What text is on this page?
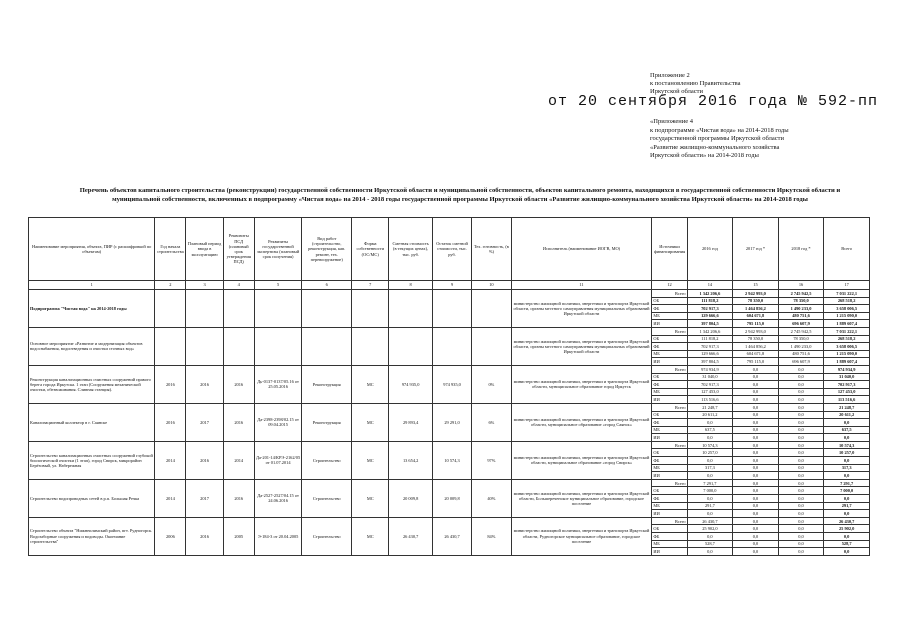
Приложение 2
к постановлению Правительства
Иркутской области
от 20 сентября 2016 года № 592-пп
«Приложение 4
к подпрограмме «Чистая вода» на 2014-2018 годы
государственной программы Иркутской области
«Развитие жилищно-коммунального хозяйства
Иркутской области» на 2014-2018 годы
Перечень объектов капитального строительства (реконструкции) государственной собственности Иркутской области и муниципальной собственности, объектов капитального ремонта, находящихся в государственной собственности Иркутской области и муниципальной собственности, включенных в подпрограмму «Чистая вода» на 2014 - 2018 годы государственной программы Иркутской области «Развитие жилищно-коммунального хозяйства Иркутской области» на 2014-2018 годы
Наименование мероприятия, объекта, ПИР (с расшифровкой по объектам)	Год начала строительства	Плановый период ввода в эксплуатацию	Реквизиты ПСД (плановый срок утверждения ПСД)	Реквизиты государственной экспертизы (плановый срок получения)	Вид работ (строительство, реконструкция, кап. ремонт, тех. перевооружение)	Форма собственности (ОС/МС)	Сметная стоимость (в текущих ценах), тыс. руб.	Остаток сметной стоимости, тыс. руб.	Тех. готовность, (в %)	Исполнитель (наименование ИОГВ, МО)	Источники финансирования	2016 год	2017 год *	2018 год *	Всего
1	2	3	4	5	6	7	8	9	10	11	12	14	15	16	17
Подпрограмма "Чистая вода" на 2014-2018 годы										министерство жилищной политики, энергетики и транспорта Иркутской области, органы местного самоуправления муниципальных образований Иркутской области	Всего	1 342 206,6	2 942 993,0	2 745 942,5	7 031 222,1
											ОБ	111 818,2	78 350,0	78 350,0	268 518,2
											ФБ	702 917,3	1 464 856,2	1 490 233,0	3 658 006,5
											МБ	129 666,6	604 671,8	480 751,6	1 215 090,0
											ИИ	397 804,5	795 115,0	696 607,9	1 889 607,4
Основное мероприятие «Развитие и модернизация объектов водоснабжения, водоотведения и очистки сточных вод»										министерство жилищной политики, энергетики и транспорта Иркутской области, органы местного самоуправления муниципальных образований Иркутской области	Всего	1 342 206,6	2 942 993,0	2 745 942,5	7 031 222,1
											ОБ	111 818,2	78 350,0	78 350,0	268 518,2
											ФБ	702 917,3	1 464 856,2	1 490 233,0	3 658 006,5
											МБ	129 666,6	604 671,8	480 751,6	1 215 090,0
											ИИ	397 804,5	795 115,0	696 607,9	1 889 607,4
Реконструкция канализационных очистных сооружений правого берега города Иркутска. 1 этап (Сооружения механической очистки, обезвоживания. Сливная станция).	2016	2016	2016	Дь-0137-0137/05.16 от 25.05.2016	Реконструкция	МС	974 935,0	974 935,0	0%	министерство жилищной политики, энергетики и транспорта Иркутской области, муниципальное образование город Иркутск	Всего	974 934,9	0,0	0,0	974 934,9
											ОБ	31 040,0	0,0	0,0	31 040,0
											ФБ	702 917,3	0,0	0,0	702 917,3
											МБ	127 453,0	0,0	0,0	127 453,0
											ИИ	113 516,6	0,0	0,0	113 516,6
Канализационный коллектор в г. Саянске	2016	2017	2016	Да-2398-2398/02.15 от 09.04.2015	Реконструкция	МС	29 893,4	29 291,0	6%	министерство жилищной политики, энергетики и транспорта Иркутской области, муниципальное образование «город Саянск»	Всего	21 248,7	0,0	0,0	21 248,7
											ОБ	20 611,2	0,0	0,0	20 611,2
											ФБ	0,0	0,0	0,0	0,0
											МБ	637,5	0,0	0,0	637,5
											ИИ	0,0	0,0	0,0	0,0
Строительство канализационных очистных сооружений глубокой биологической очистки (1 этап), город Свирск, микрорайон Берёзовый, ул. Набережная	2014	2016	2014	Да-201-14/КРЭ-2162/05 от 01.07.2014	Строительство	МС	13 654,2	10 574,3	97%	министерство жилищной политики, энергетики и транспорта Иркутской области, муниципальное образование «город Свирск»	Всего	10 574,3	0,0	0,0	10 574,3
											ОБ	10 257,0	0,0	0,0	10 257,0
											ФБ	0,0	0,0	0,0	0,0
											МБ	317,3	0,0	0,0	317,3
											ИИ	0,0	0,0	0,0	0,0
Строительство водопроводных сетей в р.п. Большая Речка	2014	2017	2016	Да-2527-2527/04.15 от 24.06.2016	Строительство	МС	20 009,8	20 009,8	40%	министерство жилищной политики, энергетики и транспорта Иркутской области, Большереченское муниципальное образование, городское поселение	Всего	7 291,7	0,0	0,0	7 291,7
											ОБ	7 000,0	0,0	0,0	7 000,0
											ФБ	0,0	0,0	0,0	0,0
											МБ	291,7	0,0	0,0	291,7
											ИИ	0,0	0,0	0,0	0,0
Строительство объекта "Нижнеилимский район, пгт. Рудногорск. Водозаборные сооружения и водоводы. Окончание строительства"	2006	2016	2005	Э-184-3 от 20.04.2005	Строительство	МС	26 430,7	26 430,7	84%	министерство жилищной политики, энергетики и транспорта Иркутской области, Рудногорское муниципальное образование, городское поселение	Всего	26 430,7	0,0	0,0	26 430,7
											ОБ	25 902,0	0,0	0,0	25 902,0
											ФБ	0,0	0,0	0,0	0,0
											МБ	528,7	0,0	0,0	528,7
											ИИ	0,0	0,0	0,0	0,0
